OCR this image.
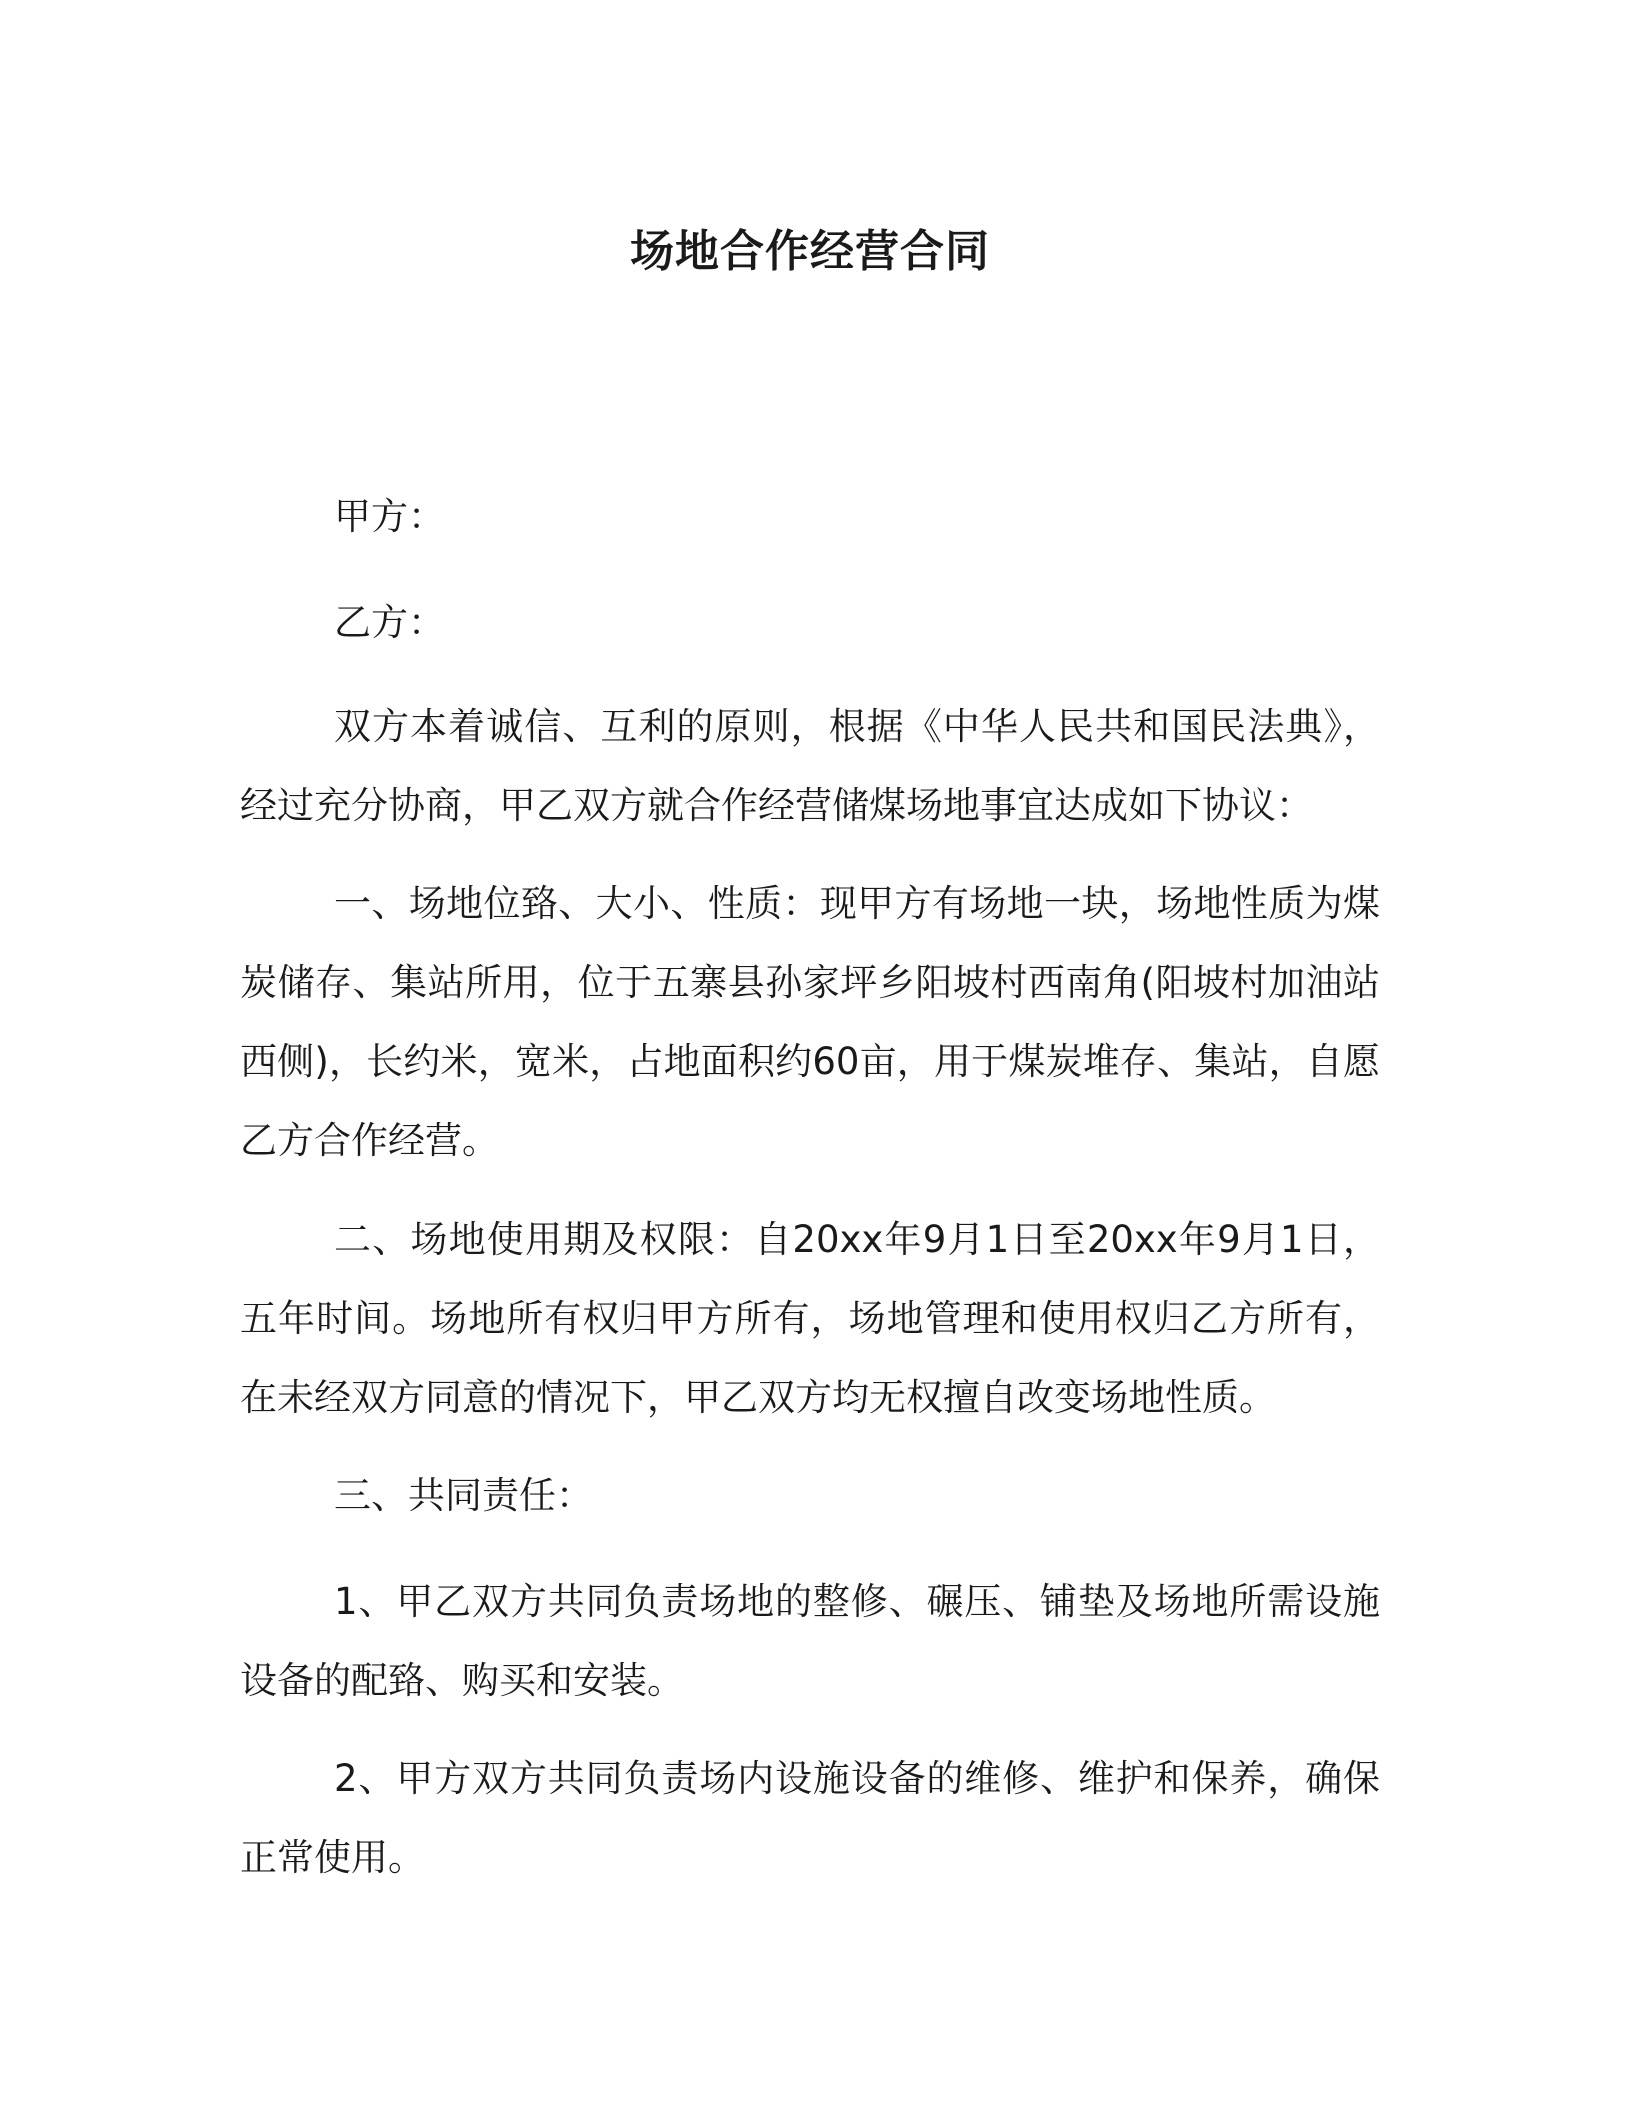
场地合作经营合同

甲方：

乙方：

双方本着诚信、互利的原则，根据《中华人民共和国民法典》，经过充分协商，甲乙双方就合作经营储煤场地事宜达成如下协议：

一、场地位臵、大小、性质：现甲方有场地一块，场地性质为煤炭储存、集站所用，位于五寨县孙家坪乡阳坡村西南角(阳坡村加油站西侧)，长约米，宽米，占地面积约60亩，用于煤炭堆存、集站，自愿乙方合作经营。

二、场地使用期及权限：自20xx年9月1日至20xx年9月1日，五年时间。场地所有权归甲方所有，场地管理和使用权归乙方所有，在未经双方同意的情况下，甲乙双方均无权擅自改变场地性质。

三、共同责任：

1、甲乙双方共同负责场地的整修、碾压、铺垫及场地所需设施设备的配臵、购买和安装。

2、甲方双方共同负责场内设施设备的维修、维护和保养，确保正常使用。
